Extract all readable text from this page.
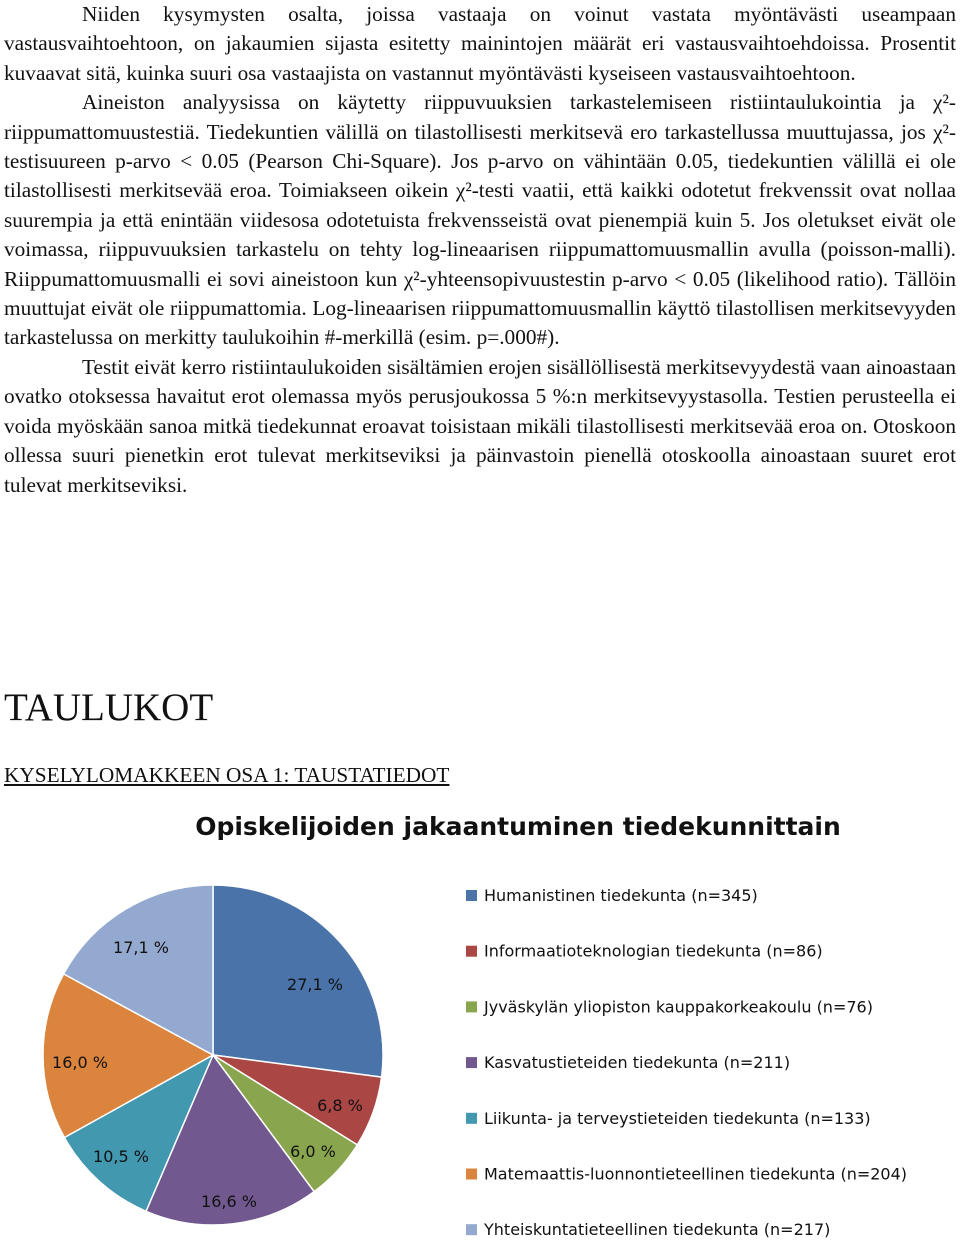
Niiden kysymysten osalta, joissa vastaaja on voinut vastata myöntävästi useampaan vastausvaihtoehtoon, on jakaumien sijasta esitetty mainintojen määrät eri vastausvaihtoehdoissa. Prosentit kuvaavat sitä, kuinka suuri osa vastaajista on vastannut myöntävästi kyseiseen vastausvaihtoehtoon.

Aineiston analyysissa on käytetty riippuvuuksien tarkastelemiseen ristiintaulukointia ja χ²-riippumattomuustestiä. Tiedekuntien välillä on tilastollisesti merkitsevä ero tarkastellussa muuttujassa, jos χ²-testisuureen p-arvo < 0.05 (Pearson Chi-Square). Jos p-arvo on vähintään 0.05, tiedekuntien välillä ei ole tilastollisesti merkitsevää eroa. Toimiakseen oikein χ²-testi vaatii, että kaikki odotetut frekvenssit ovat nollaa suurempia ja että enintään viidesosa odotetuista frekvensseistä ovat pienempiä kuin 5. Jos oletukset eivät ole voimassa, riippuvuuksien tarkastelu on tehty log-lineaarisen riippumattomuusmallin avulla (poisson-malli). Riippumattomuusmalli ei sovi aineistoon kun χ²-yhteensopivuustestin p-arvo < 0.05 (likelihood ratio). Tällöin muuttujat eivät ole riippumattomia. Log-lineaarisen riippumattomuusmallin käyttö tilastollisen merkitsevyyden tarkastelussa on merkitty taulukoihin #-merkillä (esim. p=.000#).

Testit eivät kerro ristiintaulukoiden sisältämien erojen sisällöllisestä merkitsevyydestä vaan ainoastaan ovatko otoksessa havaitut erot olemassa myös perusjoukossa 5 %:n merkitsevyystasolla. Testien perusteella ei voida myöskään sanoa mitkä tiedekunnat eroavat toisistaan mikäli tilastollisesti merkitsevää eroa on. Otoskoon ollessa suuri pienetkin erot tulevat merkitseviksi ja päinvastoin pienellä otoskoolla ainoastaan suuret erot tulevat merkitseviksi.

TAULUKOT
KYSELYLOMAKKEEN OSA 1: TAUSTATIEDOT
Opiskelijoiden jakaantuminen tiedekunnittain
27,1 %
6,8 %
6,0 %
16,6 %
10,5 %
16,0 %
17,1 %
Humanistinen tiedekunta (n=345)
Informaatioteknologian tiedekunta (n=86)
Jyväskylän yliopiston kauppakorkeakoulu (n=76)
Kasvatustieteiden tiedekunta (n=211)
Liikunta- ja terveystieteiden tiedekunta (n=133)
Matemaattis-luonnontieteellinen tiedekunta (n=204)
Yhteiskuntatieteellinen tiedekunta (n=217)
